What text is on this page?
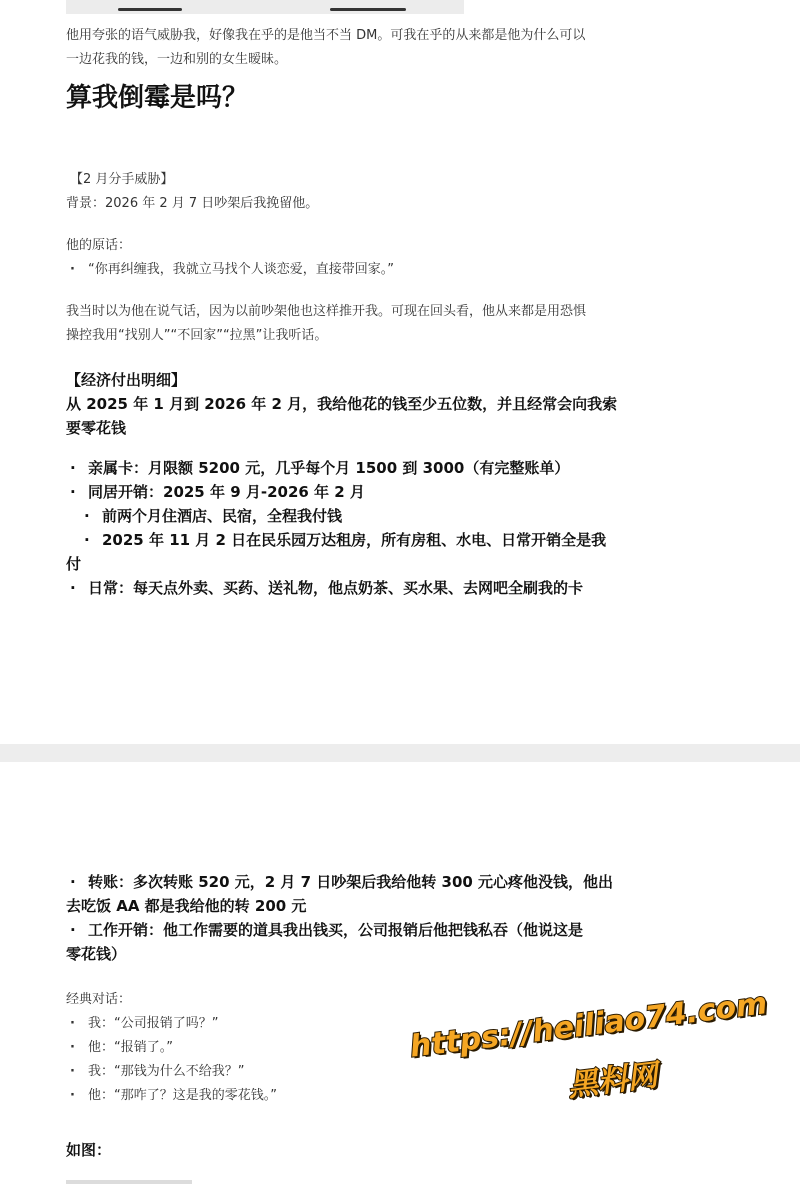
他用夸张的语气威胁我，好像我在乎的是他当不当 DM。可我在乎的从来都是他为什么可以

一边花我的钱，一边和别的女生暧昧。

算我倒霉是吗？

【2 月分手威胁】

背景：2026 年 2 月 7 日吵架后我挽留他。

他的原话：

· “你再纠缠我，我就立马找个人谈恋爱，直接带回家。”

我当时以为他在说气话，因为以前吵架他也这样推开我。可现在回头看，他从来都是用恐惧

操控我用“找别人”“不回家”“拉黑”让我听话。

【经济付出明细】

从 2025 年 1 月到 2026 年 2 月，我给他花的钱至少五位数，并且经常会向我索

要零花钱

· 亲属卡：月限额 5200 元，几乎每个月 1500 到 3000（有完整账单）

· 同居开销：2025 年 9 月-2026 年 2 月

· 前两个月住酒店、民宿，全程我付钱

· 2025 年 11 月 2 日在民乐园万达租房，所有房租、水电、日常开销全是我

付

· 日常：每天点外卖、买药、送礼物，他点奶茶、买水果、去网吧全刷我的卡

· 转账：多次转账 520 元，2 月 7 日吵架后我给他转 300 元心疼他没钱，他出

去吃饭 AA 都是我给他的转 200 元

· 工作开销：他工作需要的道具我出钱买，公司报销后他把钱私吞（他说这是

零花钱）

经典对话：

· 我：“公司报销了吗？”

· 他：“报销了。”

· 我：“那钱为什么不给我？”

· 他：“那咋了？这是我的零花钱。”

如图：

https://heiliao74.com
黑料网
